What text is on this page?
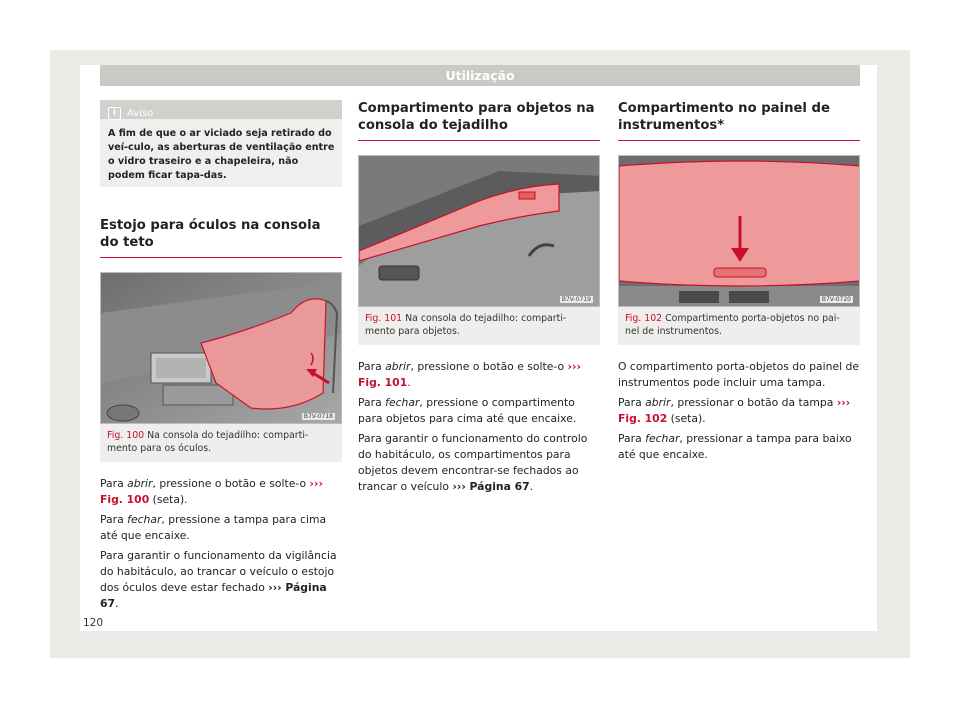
Utilização
i	Aviso
A fim de que o ar viciado seja retirado do veí-culo, as aberturas de ventilação entre o vidro traseiro e a chapeleira, não podem ficar tapa-das.
Estojo para óculos na consola do teto
B7V-0718
Fig. 100 Na consola do tejadilho: comparti-mento para os óculos.

Para abrir, pressione o botão e solte-o ››› Fig. 100 (seta).

Para fechar, pressione a tampa para cima até que encaixe.

Para garantir o funcionamento da vigilância do habitáculo, ao trancar o veículo o estojo dos óculos deve estar fechado ››› Página 67.

Compartimento para objetos na consola do tejadilho
B7V-0719
Fig. 101 Na consola do tejadilho: comparti-mento para objetos.

Para abrir, pressione o botão e solte-o ››› Fig. 101.

Para fechar, pressione o compartimento para objetos para cima até que encaixe.

Para garantir o funcionamento do controlo do habitáculo, os compartimentos para objetos devem encontrar-se fechados ao trancar o veículo ››› Página 67.

Compartimento no painel de instrumentos*
B7V-0720
Fig. 102 Compartimento porta-objetos no pai-nel de instrumentos.

O compartimento porta-objetos do painel de instrumentos pode incluir uma tampa.

Para abrir, pressionar o botão da tampa ››› Fig. 102 (seta).

Para fechar, pressionar a tampa para baixo até que encaixe.

120
